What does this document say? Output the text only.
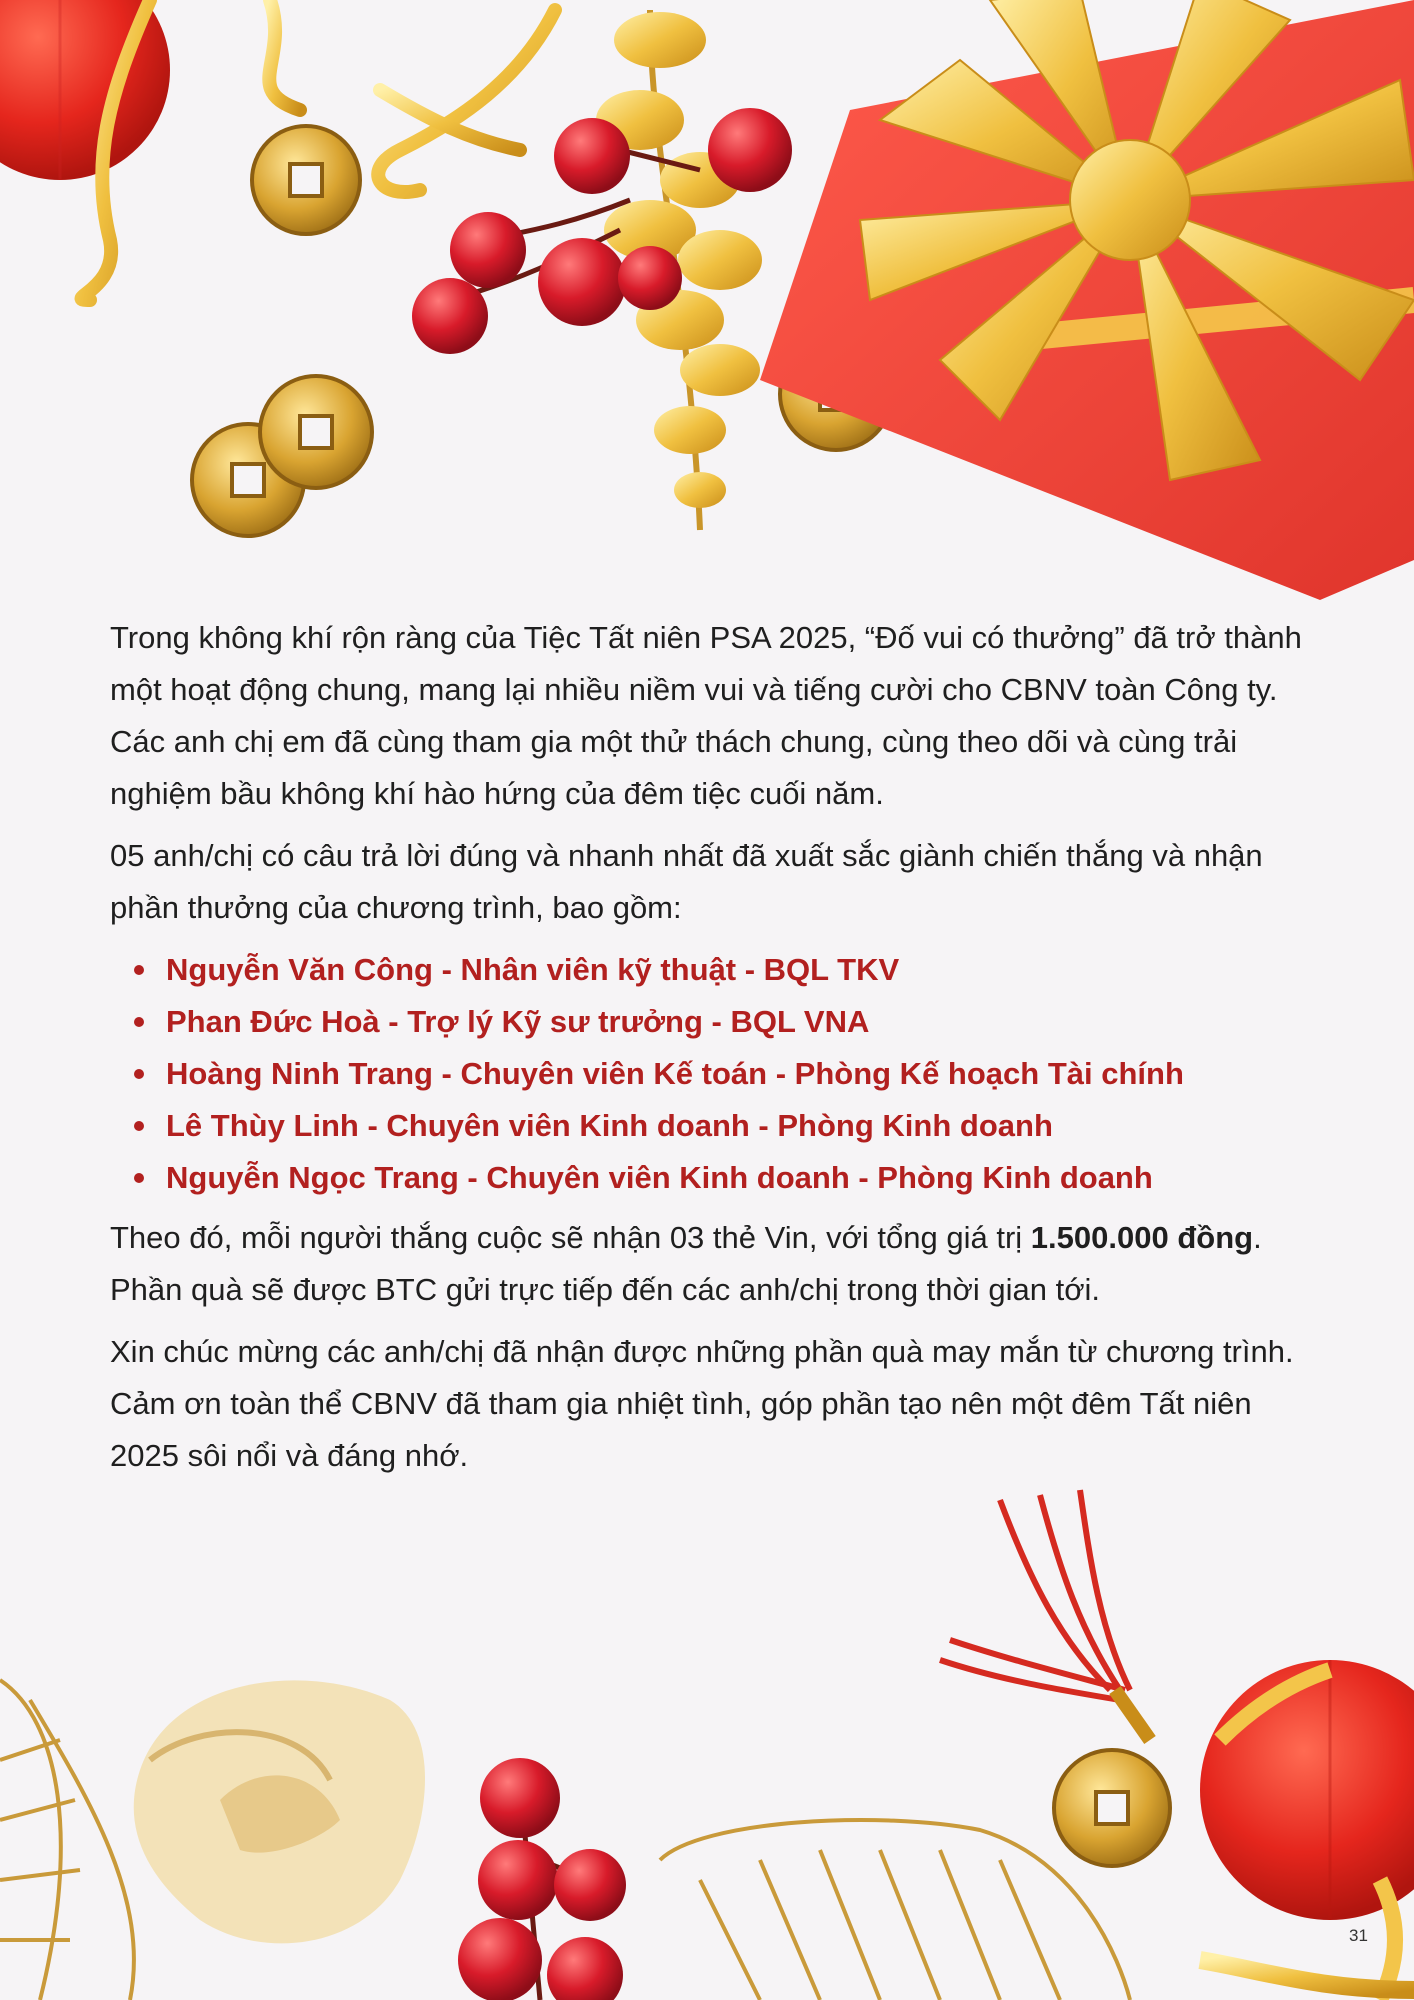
Trong không khí rộn ràng của Tiệc Tất niên PSA 2025, “Đố vui có thưởng” đã trở thành một hoạt động chung, mang lại nhiều niềm vui và tiếng cười cho CBNV toàn Công ty. Các anh chị em đã cùng tham gia một thử thách chung, cùng theo dõi và cùng trải nghiệm bầu không khí hào hứng của đêm tiệc cuối năm.

05 anh/chị có câu trả lời đúng và nhanh nhất đã xuất sắc giành chiến thắng và nhận phần thưởng của chương trình, bao gồm:

Nguyễn Văn Công - Nhân viên kỹ thuật - BQL TKV
Phan Đức Hoà - Trợ lý Kỹ sư trưởng - BQL VNA
Hoàng Ninh Trang - Chuyên viên Kế toán - Phòng Kế hoạch Tài chính
Lê Thùy Linh - Chuyên viên Kinh doanh - Phòng Kinh doanh
Nguyễn Ngọc Trang - Chuyên viên Kinh doanh - Phòng Kinh doanh

Theo đó, mỗi người thắng cuộc sẽ nhận 03 thẻ Vin, với tổng giá trị 1.500.000 đồng. Phần quà sẽ được BTC gửi trực tiếp đến các anh/chị trong thời gian tới.

Xin chúc mừng các anh/chị đã nhận được những phần quà may mắn từ chương trình. Cảm ơn toàn thể CBNV đã tham gia nhiệt tình, góp phần tạo nên một đêm Tất niên 2025 sôi nổi và đáng nhớ.

31
